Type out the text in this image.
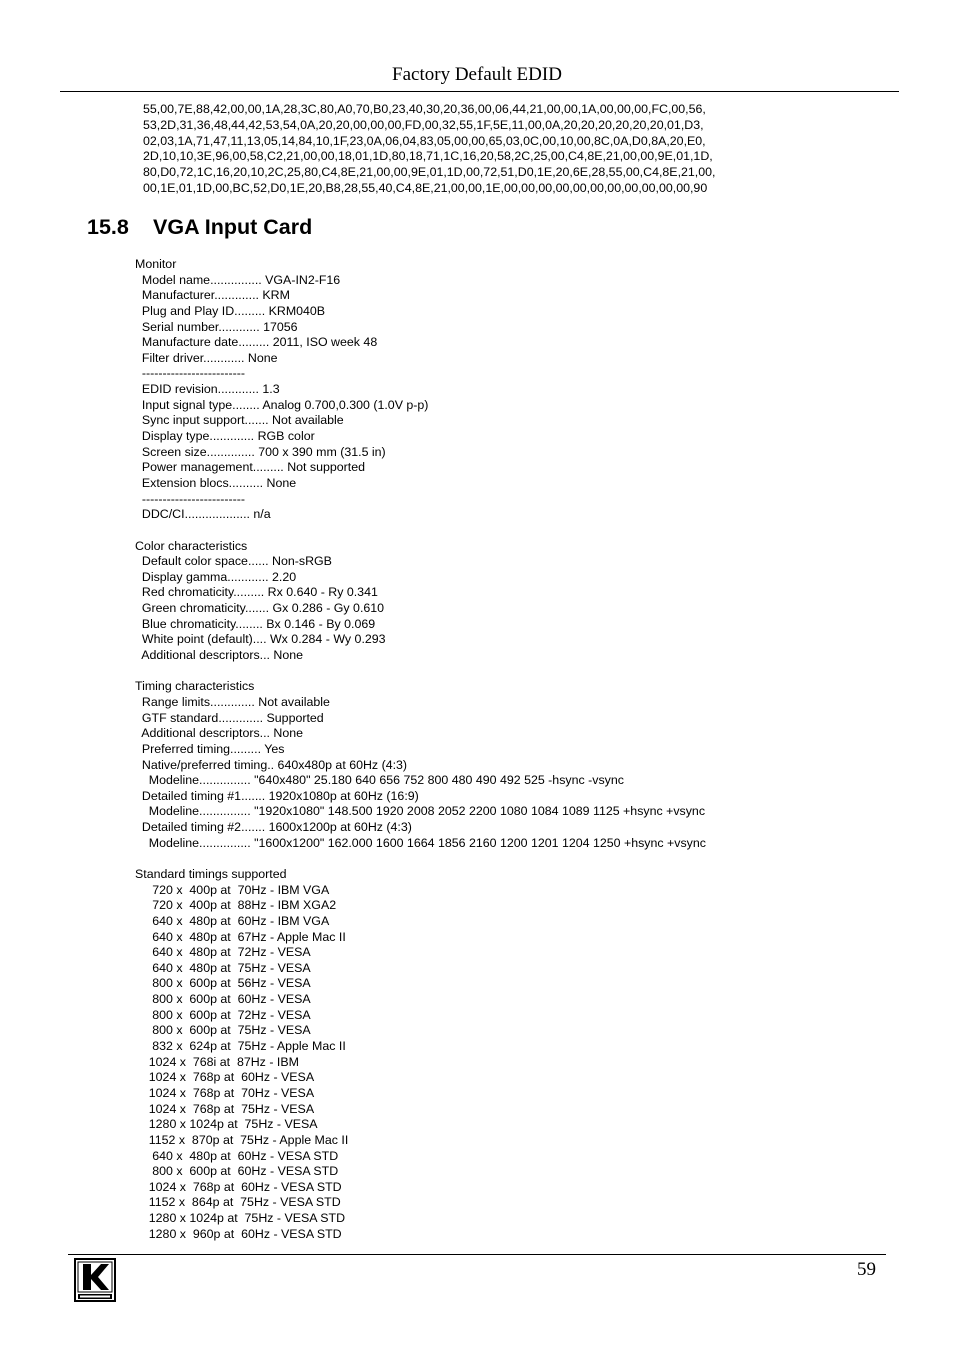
Factory Default EDID
55,00,7E,88,42,00,00,1A,28,3C,80,A0,70,B0,23,40,30,20,36,00,06,44,21,00,00,1A,00,00,00,FC,00,56,
53,2D,31,36,48,44,42,53,54,0A,20,20,00,00,00,FD,00,32,55,1F,5E,11,00,0A,20,20,20,20,20,20,01,D3,
02,03,1A,71,47,11,13,05,14,84,10,1F,23,0A,06,04,83,05,00,00,65,03,0C,00,10,00,8C,0A,D0,8A,20,E0,
2D,10,10,3E,96,00,58,C2,21,00,00,18,01,1D,80,18,71,1C,16,20,58,2C,25,00,C4,8E,21,00,00,9E,01,1D,
80,D0,72,1C,16,20,10,2C,25,80,C4,8E,21,00,00,9E,01,1D,00,72,51,D0,1E,20,6E,28,55,00,C4,8E,21,00,
00,1E,01,1D,00,BC,52,D0,1E,20,B8,28,55,40,C4,8E,21,00,00,1E,00,00,00,00,00,00,00,00,00,00,00,90
15.8 VGA Input Card
Monitor
Model name............... VGA-IN2-F16
Manufacturer............. KRM
Plug and Play ID......... KRM040B
Serial number............ 17056
Manufacture date......... 2011, ISO week 48
Filter driver............ None
-------------------------
EDID revision............ 1.3
Input signal type........ Analog 0.700,0.300 (1.0V p-p)
Sync input support....... Not available
Display type............. RGB color
Screen size.............. 700 x 390 mm (31.5 in)
Power management......... Not supported
Extension blocs.......... None
-------------------------
DDC/CI................... n/a
Color characteristics
Default color space...... Non-sRGB
Display gamma............ 2.20
Red chromaticity......... Rx 0.640 - Ry 0.341
Green chromaticity....... Gx 0.286 - Gy 0.610
Blue chromaticity........ Bx 0.146 - By 0.069
White point (default).... Wx 0.284 - Wy 0.293
Additional descriptors... None
Timing characteristics
Range limits............. Not available
GTF standard............. Supported
Additional descriptors... None
Preferred timing......... Yes
Native/preferred timing.. 640x480p at 60Hz (4:3)
Modeline............... "640x480" 25.180 640 656 752 800 480 490 492 525 -hsync -vsync
Detailed timing #1....... 1920x1080p at 60Hz (16:9)
Modeline............... "1920x1080" 148.500 1920 2008 2052 2200 1080 1084 1089 1125 +hsync +vsync
Detailed timing #2....... 1600x1200p at 60Hz (4:3)
Modeline............... "1600x1200" 162.000 1600 1664 1856 2160 1200 1201 1204 1250 +hsync +vsync
Standard timings supported
720 x  400p at  70Hz - IBM VGA
720 x  400p at  88Hz - IBM XGA2
640 x  480p at  60Hz - IBM VGA
640 x  480p at  67Hz - Apple Mac II
640 x  480p at  72Hz - VESA
640 x  480p at  75Hz - VESA
800 x  600p at  56Hz - VESA
800 x  600p at  60Hz - VESA
800 x  600p at  72Hz - VESA
800 x  600p at  75Hz - VESA
832 x  624p at  75Hz - Apple Mac II
1024 x  768i at  87Hz - IBM
1024 x  768p at  60Hz - VESA
1024 x  768p at  70Hz - VESA
1024 x  768p at  75Hz - VESA
1280 x 1024p at  75Hz - VESA
1152 x  870p at  75Hz - Apple Mac II
640 x  480p at  60Hz - VESA STD
800 x  600p at  60Hz - VESA STD
1024 x  768p at  60Hz - VESA STD
1152 x  864p at  75Hz - VESA STD
1280 x 1024p at  75Hz - VESA STD
1280 x  960p at  60Hz - VESA STD
59
